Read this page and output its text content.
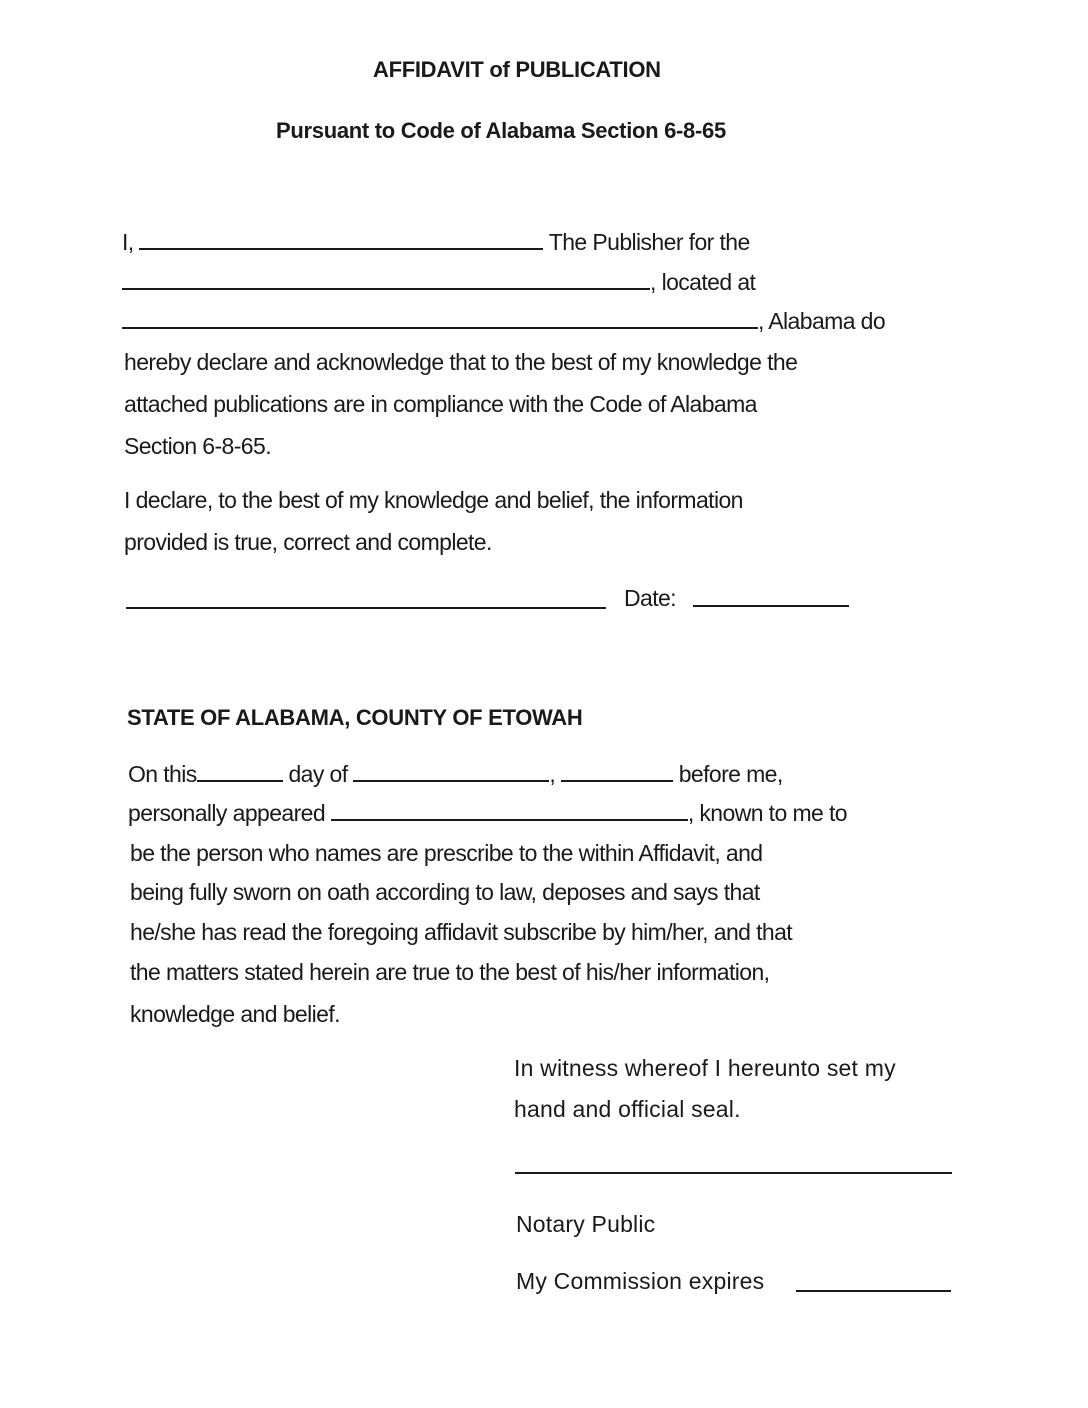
AFFIDAVIT of PUBLICATION
Pursuant to Code of Alabama Section 6-8-65
I,	The Publisher for the
, located at
, Alabama do
hereby declare and acknowledge that to the best of my knowledge the
attached publications are in compliance with the Code of Alabama
Section 6-8-65.
I declare, to the best of my knowledge and belief, the information
provided is true, correct and complete.
Date:
STATE OF ALABAMA, COUNTY OF ETOWAH
On this	day of	,	before me,
personally appeared	, known to me to
be the person who names are prescribe to the within Affidavit, and
being fully sworn on oath according to law, deposes and says that
he/she has read the foregoing affidavit subscribe by him/her, and that
the matters stated herein are true to the best of his/her information,
knowledge and belief.
In witness whereof I hereunto set my
hand and official seal.
Notary Public
My Commission expires
